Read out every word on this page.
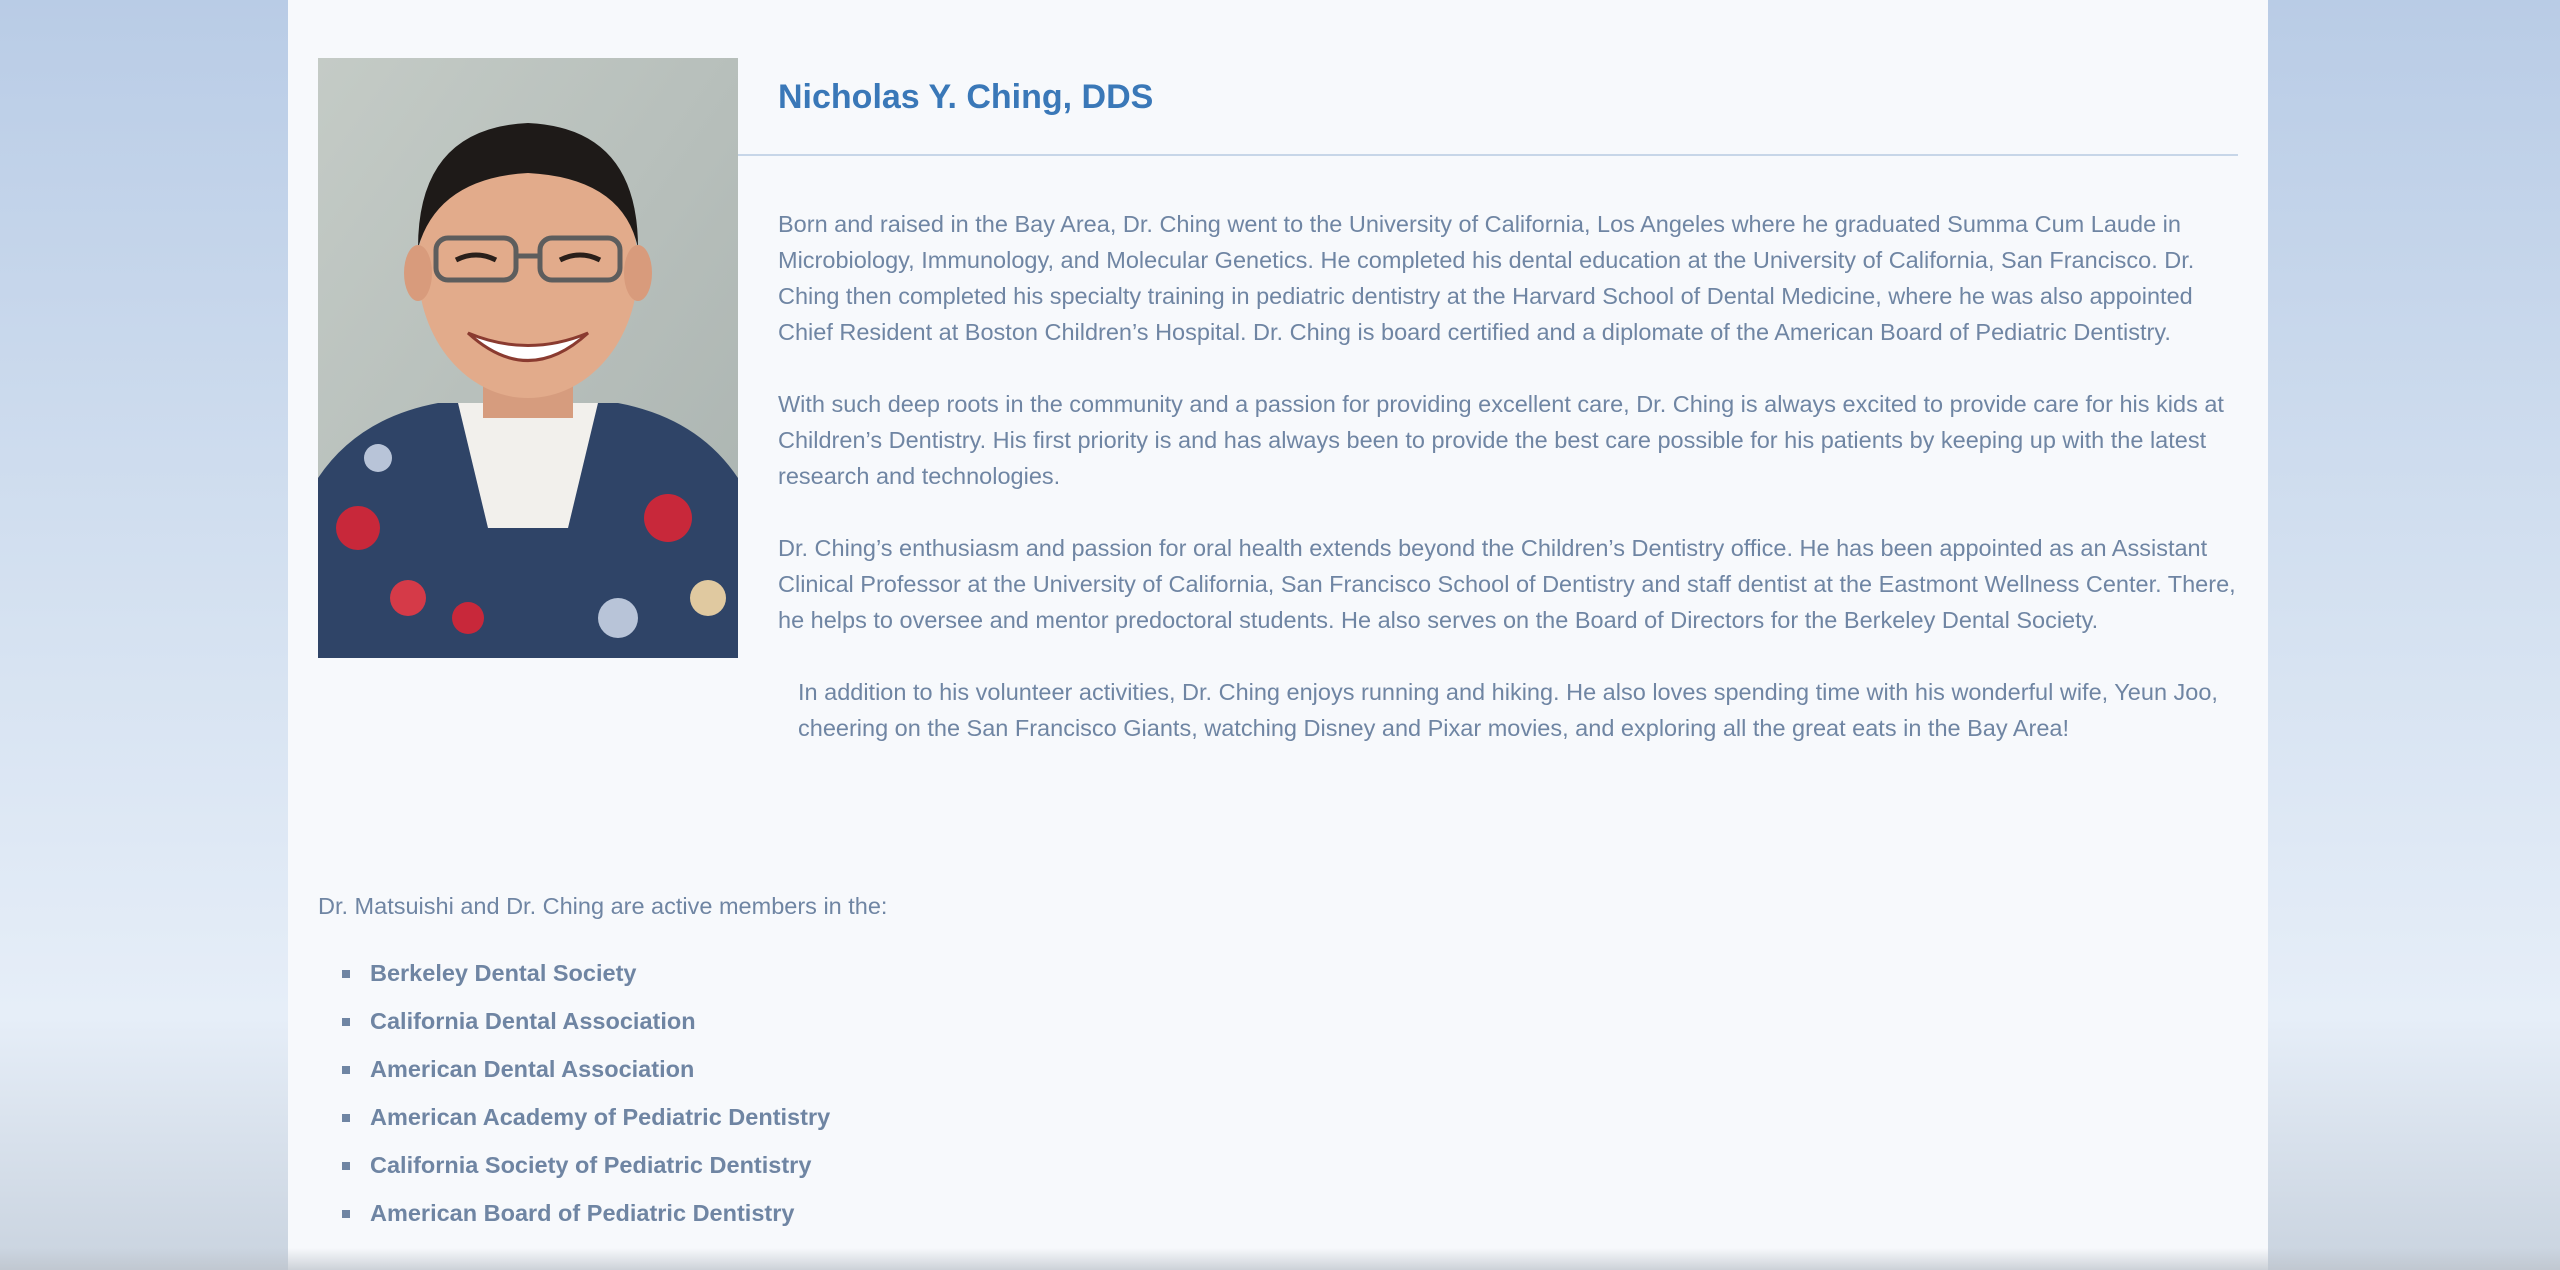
Nicholas Y. Ching, DDS

Born and raised in the Bay Area, Dr. Ching went to the University of California, Los Angeles where he graduated Summa Cum Laude in Microbiology, Immunology, and Molecular Genetics. He completed his dental education at the University of California, San Francisco. Dr. Ching then completed his specialty training in pediatric dentistry at the Harvard School of Dental Medicine, where he was also appointed Chief Resident at Boston Children’s Hospital. Dr. Ching is board certified and a diplomate of the American Board of Pediatric Dentistry.

With such deep roots in the community and a passion for providing excellent care, Dr. Ching is always excited to provide care for his kids at Children’s Dentistry. His first priority is and has always been to provide the best care possible for his patients by keeping up with the latest research and technologies.

Dr. Ching’s enthusiasm and passion for oral health extends beyond the Children’s Dentistry office. He has been appointed as an Assistant Clinical Professor at the University of California, San Francisco School of Dentistry and staff dentist at the Eastmont Wellness Center. There, he helps to oversee and mentor predoctoral students. He also serves on the Board of Directors for the Berkeley Dental Society.

In addition to his volunteer activities, Dr. Ching enjoys running and hiking. He also loves spending time with his wonderful wife, Yeun Joo, cheering on the San Francisco Giants, watching Disney and Pixar movies, and exploring all the great eats in the Bay Area!

Dr. Matsuishi and Dr. Ching are active members in the:

Berkeley Dental Society
California Dental Association
American Dental Association
American Academy of Pediatric Dentistry
California Society of Pediatric Dentistry
American Board of Pediatric Dentistry
